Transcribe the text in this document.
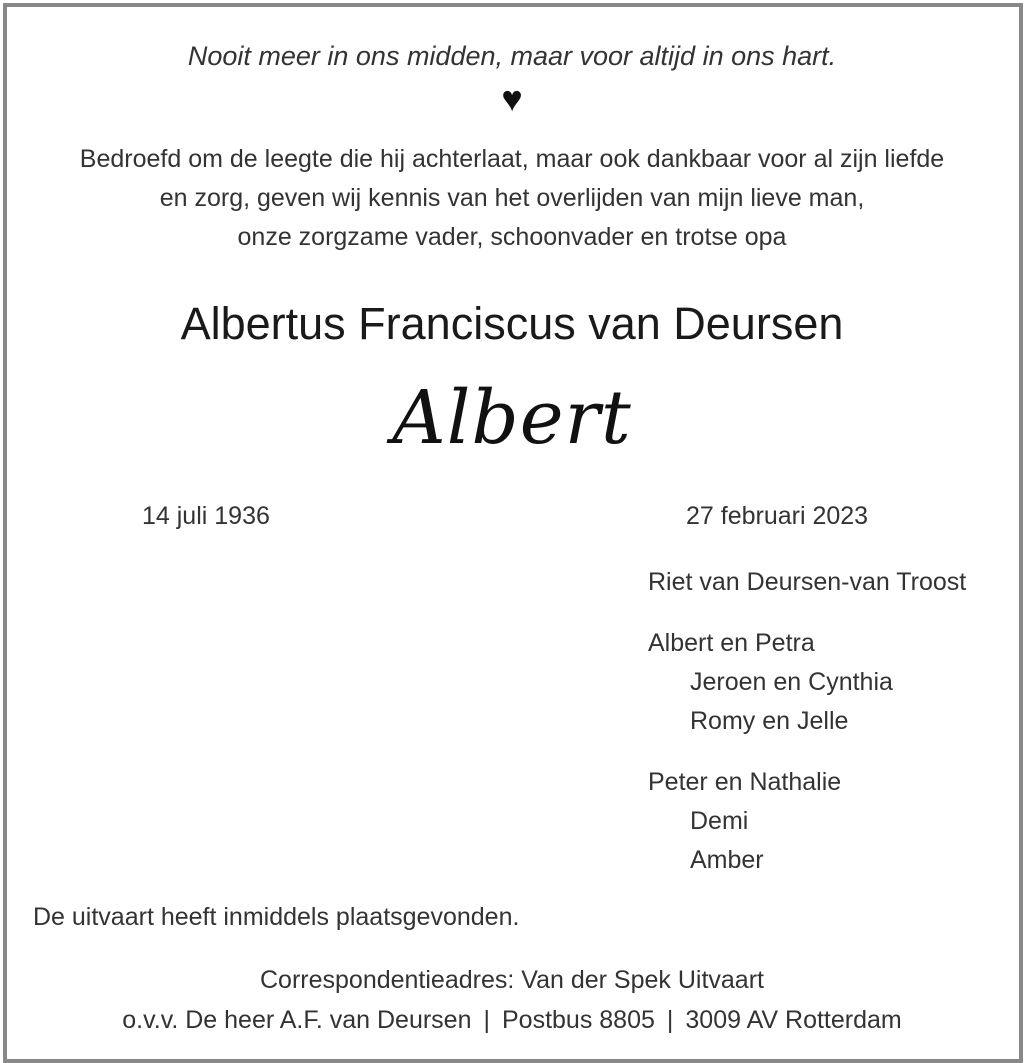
Nooit meer in ons midden, maar voor altijd in ons hart.
♥
Bedroefd om de leegte die hij achterlaat, maar ook dankbaar voor al zijn liefde
en zorg, geven wij kennis van het overlijden van mijn lieve man,
onze zorgzame vader, schoonvader en trotse opa
Albertus Franciscus van Deursen
Albert
14 juli 1936	27 februari 2023
Riet van Deursen-van Troost
Albert en Petra
Jeroen en Cynthia
Romy en Jelle
Peter en Nathalie
Demi
Amber
De uitvaart heeft inmiddels plaatsgevonden.
Correspondentieadres: Van der Spek Uitvaart
o.v.v. De heer A.F. van Deursen | Postbus 8805 | 3009 AV Rotterdam
